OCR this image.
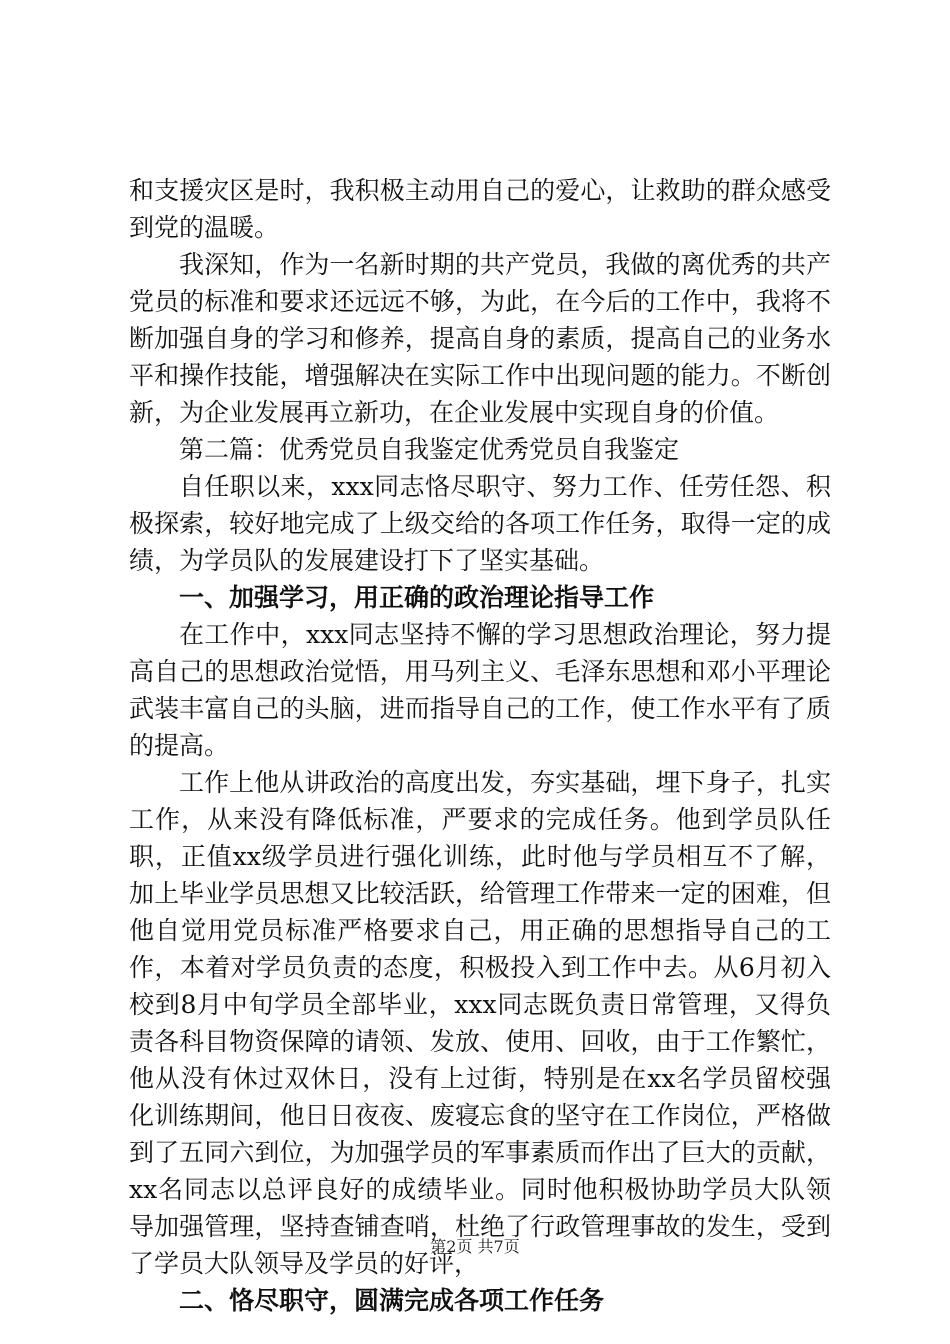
和支援灾区是时，我积极主动用自己的爱心，让救助的群众感受到党的温暖。

我深知，作为一名新时期的共产党员，我做的离优秀的共产党员的标准和要求还远远不够，为此，在今后的工作中，我将不断加强自身的学习和修养，提高自身的素质，提高自己的业务水平和操作技能，增强解决在实际工作中出现问题的能力。不断创新，为企业发展再立新功，在企业发展中实现自身的价值。

第二篇：优秀党员自我鉴定优秀党员自我鉴定

自任职以来，xxx同志恪尽职守、努力工作、任劳任怨、积极探索，较好地完成了上级交给的各项工作任务，取得一定的成绩，为学员队的发展建设打下了坚实基础。

一、加强学习，用正确的政治理论指导工作

在工作中，xxx同志坚持不懈的学习思想政治理论，努力提高自己的思想政治觉悟，用马列主义、毛泽东思想和邓小平理论武装丰富自己的头脑，进而指导自己的工作，使工作水平有了质的提高。

工作上他从讲政治的高度出发，夯实基础，埋下身子，扎实工作，从来没有降低标准，严要求的完成任务。他到学员队任职，正值xx级学员进行强化训练，此时他与学员相互不了解，加上毕业学员思想又比较活跃，给管理工作带来一定的困难，但他自觉用党员标准严格要求自己，用正确的思想指导自己的工作，本着对学员负责的态度，积极投入到工作中去。从6月初入校到8月中旬学员全部毕业，xxx同志既负责日常管理，又得负责各科目物资保障的请领、发放、使用、回收，由于工作繁忙，他从没有休过双休日，没有上过街，特别是在xx名学员留校强化训练期间，他日日夜夜、废寝忘食的坚守在工作岗位，严格做到了五同六到位，为加强学员的军事素质而作出了巨大的贡献，xx名同志以总评良好的成绩毕业。同时他积极协助学员大队领导加强管理，坚持查铺查哨，杜绝了行政管理事故的发生，受到了学员大队领导及学员的好评，

二、恪尽职守，圆满完成各项工作任务

第2页 共7页
